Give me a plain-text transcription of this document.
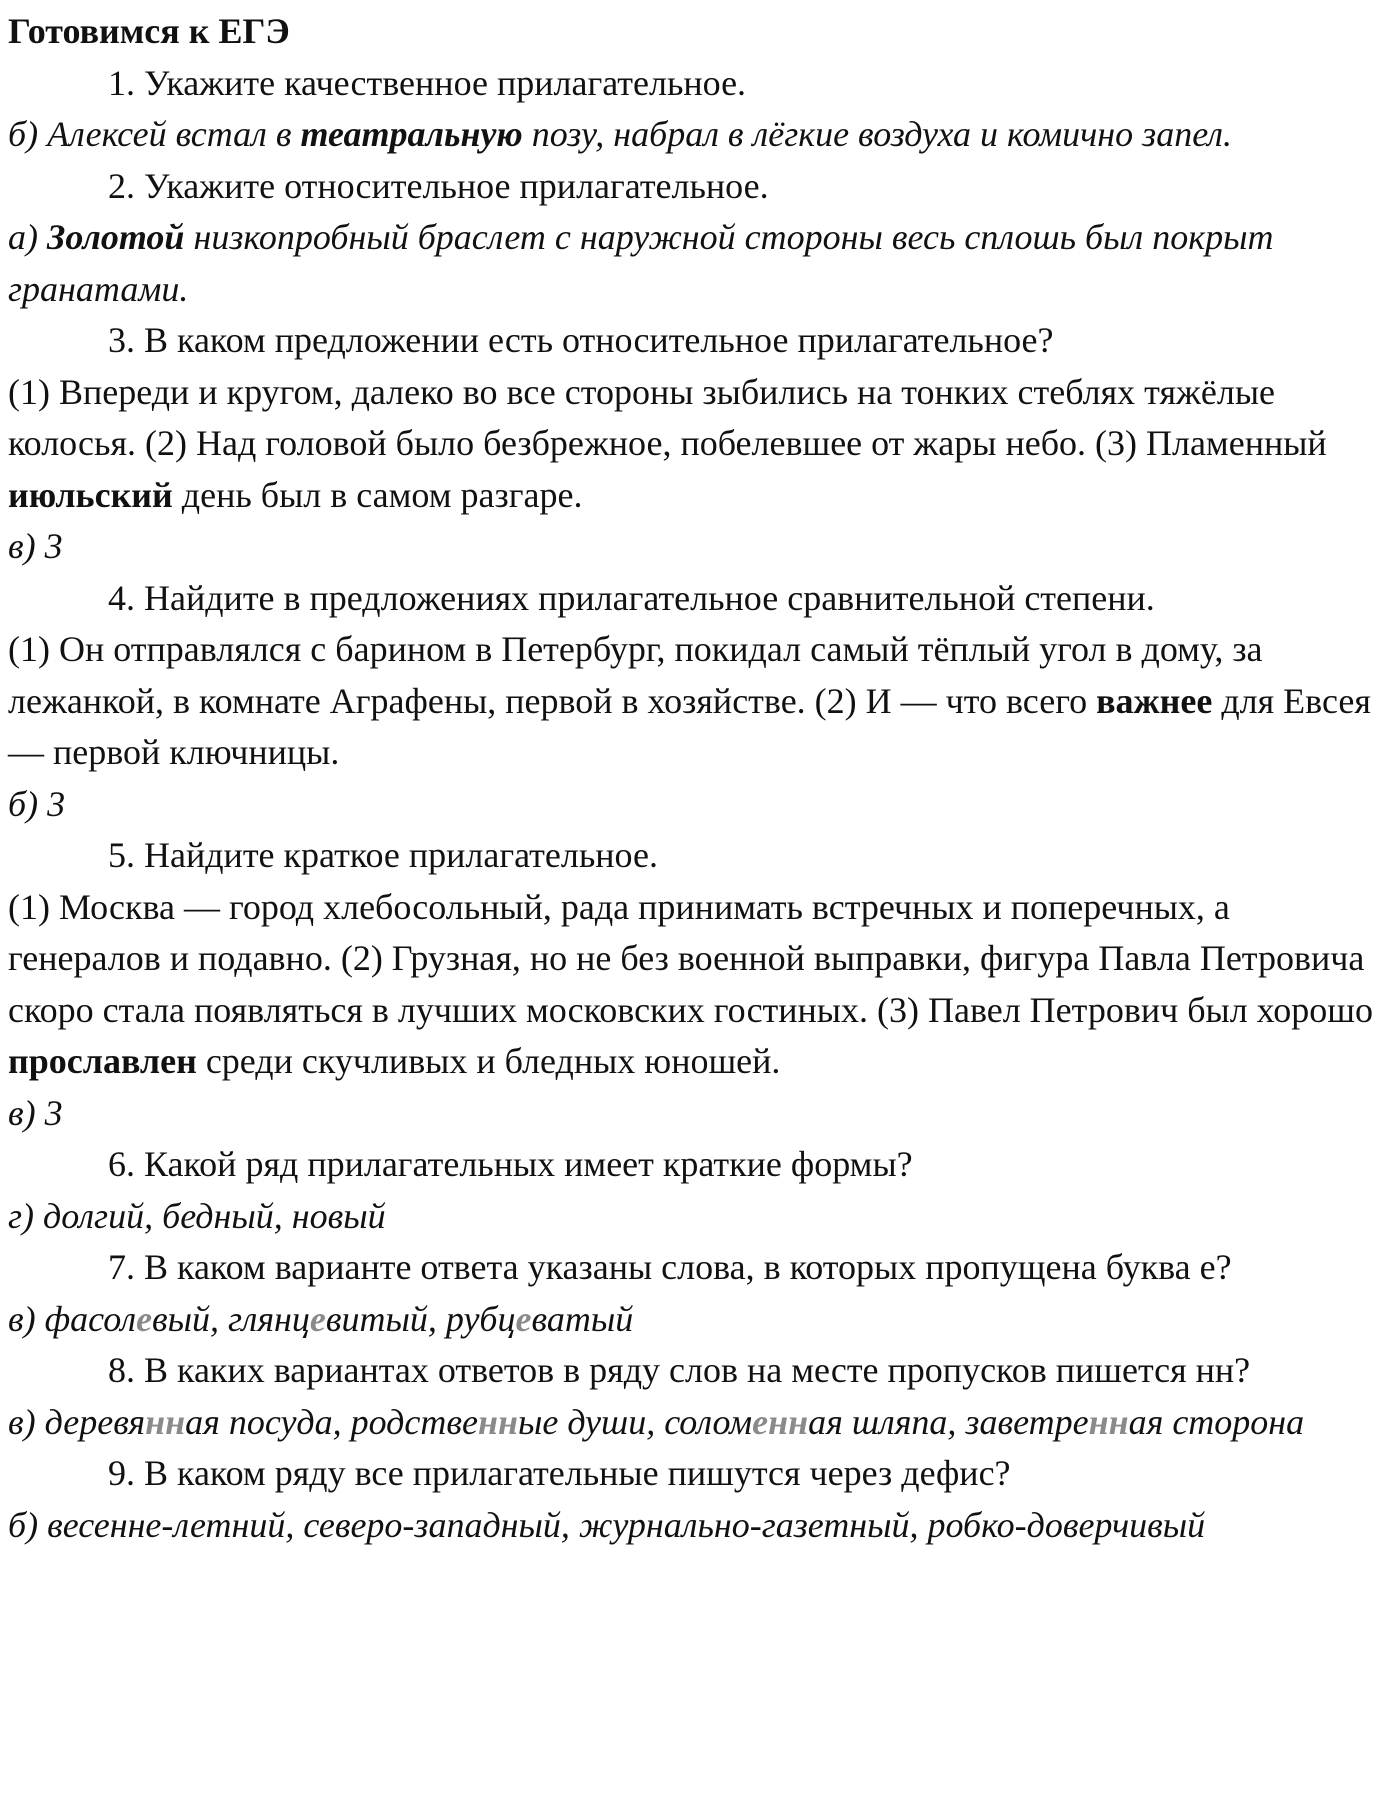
Готовимся к ЕГЭ

1. Укажите качественное прилагательное.

б) Алексей встал в театральную позу, набрал в лёгкие воздуха и комично запел.

2. Укажите относительное прилагательное.

а) Золотой низкопробный браслет с наружной стороны весь сплошь был покрыт гранатами.

3. В каком предложении есть относительное прилагательное?

(1) Впереди и кругом, далеко во все стороны зыбились на тонких стеблях тяжёлые колосья. (2) Над головой было безбрежное, побелевшее от жары небо. (3) Пламенный июльский день был в самом разгаре.

в) 3

4. Найдите в предложениях прилагательное сравнительной степени.

(1) Он отправлялся с барином в Петербург, покидал самый тёплый угол в дому, за лежанкой, в комнате Аграфены, первой в хозяйстве. (2) И — что всего важнее для Евсея — первой ключницы.

б) 3

5. Найдите краткое прилагательное.

(1) Москва — город хлебосольный, рада принимать встречных и поперечных, а генералов и подавно. (2) Грузная, но не без военной выправки, фигура Павла Петровича скоро стала появляться в лучших московских гостиных. (3) Павел Петрович был хорошо прославлен среди скучливых и бледных юношей.

в) 3

6. Какой ряд прилагательных имеет краткие формы?

г) долгий, бедный, новый

7. В каком варианте ответа указаны слова, в которых пропущена буква е?

в) фасолевый, глянцевитый, рубцеватый

8. В каких вариантах ответов в ряду слов на месте пропусков пишется нн?

в) деревянная посуда, родственные души, соломенная шляпа, заветренная сторона

9. В каком ряду все прилагательные пишутся через дефис?

б) весенне-летний, северо-западный, журнально-газетный, робко-доверчивый
